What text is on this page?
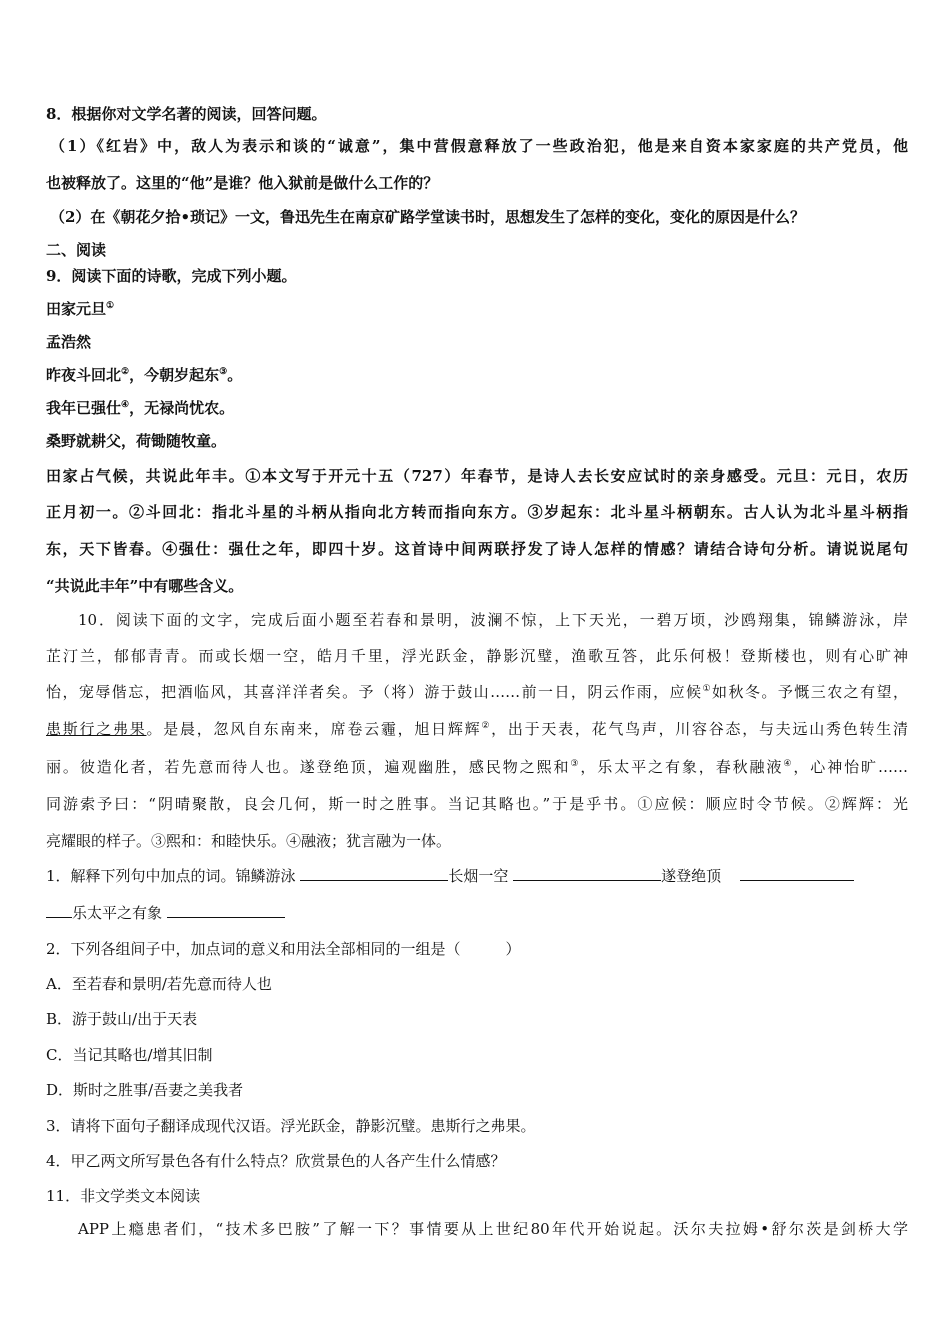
8．根据你对文学名著的阅读，回答问题。
（1）《红岩》中，敌人为表示和谈的“诚意”，集中营假意释放了一些政治犯，他是来自资本家家庭的共产党员，他
也被释放了。这里的“他”是谁？他入狱前是做什么工作的？
（2）在《朝花夕拾•琐记》一文，鲁迅先生在南京矿路学堂读书时，思想发生了怎样的变化，变化的原因是什么？
二、阅读
9．阅读下面的诗歌，完成下列小题。
田家元旦①
孟浩然
昨夜斗回北②，今朝岁起东③。
我年已强仕④，无禄尚忧农。
桑野就耕父，荷锄随牧童。
田家占气候，共说此年丰。①本文写于开元十五（727）年春节，是诗人去长安应试时的亲身感受。元旦：元日，农历
正月初一。②斗回北：指北斗星的斗柄从指向北方转而指向东方。③岁起东：北斗星斗柄朝东。古人认为北斗星斗柄指
东，天下皆春。④强仕：强仕之年，即四十岁。这首诗中间两联抒发了诗人怎样的情感？请结合诗句分析。请说说尾句
“共说此丰年”中有哪些含义。
10．阅读下面的文字，完成后面小题至若春和景明，波澜不惊，上下天光，一碧万顷，沙鸥翔集，锦鳞游泳，岸
芷汀兰，郁郁青青。而或长烟一空，皓月千里，浮光跃金，静影沉璧，渔歌互答，此乐何极！登斯楼也，则有心旷神
怡，宠辱偕忘，把酒临风，其喜洋洋者矣。予（将）游于鼓山……前一日，阴云作雨，应候①如秋冬。予慨三农之有望，
患斯行之弗果。是晨，忽风自东南来，席卷云霾，旭日辉辉②，出于天表，花气鸟声，川容谷态，与夫远山秀色转生清
丽。彼造化者，若先意而待人也。遂登绝顶，遍观幽胜，感民物之熙和③，乐太平之有象，春秋融液④，心神怡旷……
同游索予曰：“阴晴聚散，良会几何，斯一时之胜事。当记其略也。”于是乎书。①应候：顺应时令节候。②辉辉：光
亮耀眼的样子。③熙和：和睦快乐。④融液；犹言融为一体。
1．解释下列句中加点的词。锦鳞游泳	长烟一空	遂登绝顶
乐太平之有象
2．下列各组间子中，加点词的意义和用法全部相同的一组是（　　　）
A．至若春和景明/若先意而待人也
B．游于鼓山/出于天表
C．当记其略也/增其旧制
D．斯时之胜事/吾妻之美我者
3．请将下面句子翻译成现代汉语。浮光跃金，静影沉璧。患斯行之弗果。
4．甲乙两文所写景色各有什么特点？欣赏景色的人各产生什么情感？
11．非文学类文本阅读
APP上瘾患者们，“技术多巴胺”了解一下？事情要从上世纪80年代开始说起。沃尔夫拉姆•舒尔茨是剑桥大学
